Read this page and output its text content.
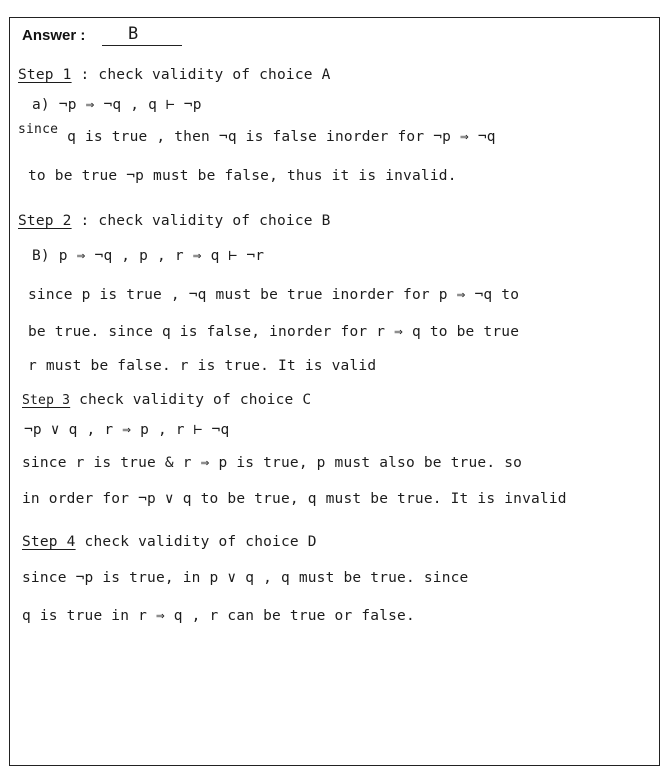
Answer :	B
Step 1 : check validity of choice A
a) ¬p ⇒ ¬q , q ⊢ ¬p
since q is true , then ¬q is false inorder for ¬p ⇒ ¬q
to be true ¬p must be false, thus it is invalid.
Step 2 : check validity of choice B
B) p ⇒ ¬q , p , r ⇒ q ⊢ ¬r
since p is true , ¬q must be true inorder for p ⇒ ¬q to
be true. since q is false, inorder for r ⇒ q to be true
r must be false. r is true. It is valid
Step 3 check validity of choice C
¬p ∨ q , r ⇒ p , r ⊢ ¬q
since r is true & r ⇒ p is true, p must also be true. so
in order for ¬p ∨ q to be true, q must be true. It is invalid
Step 4 check validity of choice D
since ¬p is true, in p ∨ q , q must be true. since
q is true in r ⇒ q , r can be true or false.
